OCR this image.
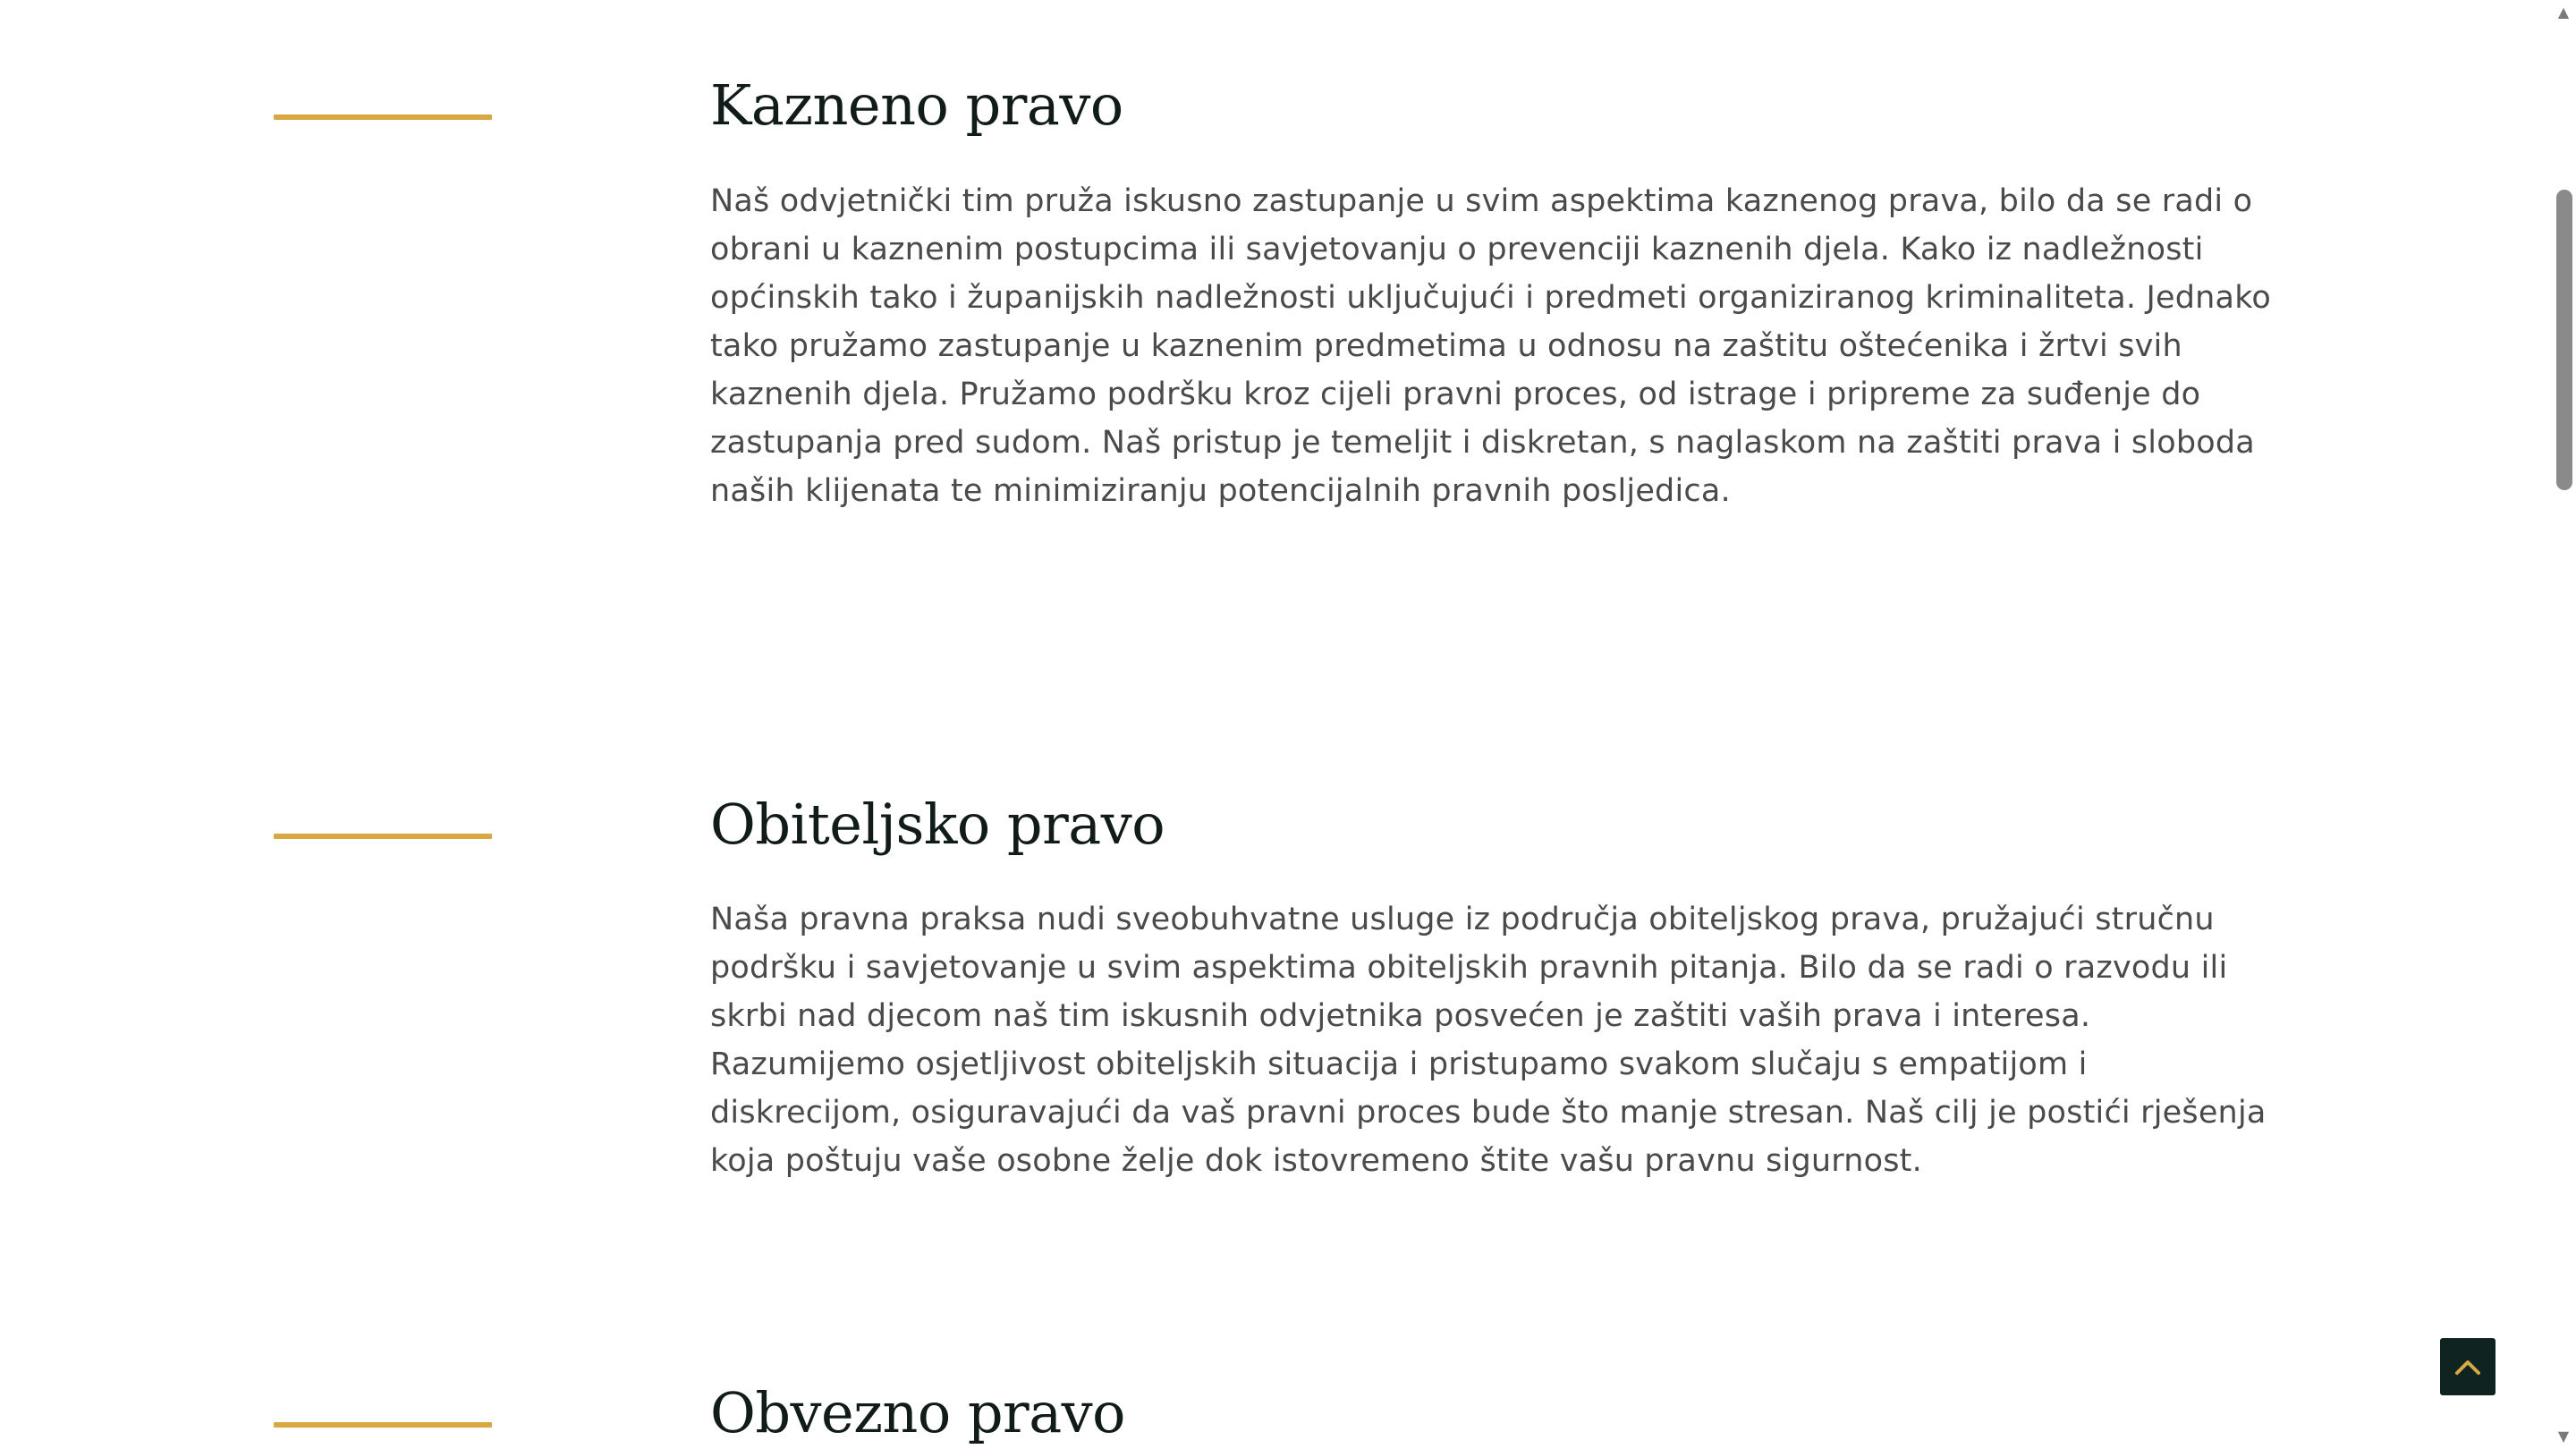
Kazneno pravo

Naš odvjetnički tim pruža iskusno zastupanje u svim aspektima kaznenog prava, bilo da se radi o obrani u kaznenim postupcima ili savjetovanju o prevenciji kaznenih djela. Kako iz nadležnosti općinskih tako i županijskih nadležnosti uključujući i predmeti organiziranog kriminaliteta. Jednako tako pružamo zastupanje u kaznenim predmetima u odnosu na zaštitu oštećenika i žrtvi svih kaznenih djela. Pružamo podršku kroz cijeli pravni proces, od istrage i pripreme za suđenje do zastupanja pred sudom. Naš pristup je temeljit i diskretan, s naglaskom na zaštiti prava i sloboda naših klijenata te minimiziranju potencijalnih pravnih posljedica.

Obiteljsko pravo

Naša pravna praksa nudi sveobuhvatne usluge iz područja obiteljskog prava, pružajući stručnu podršku i savjetovanje u svim aspektima obiteljskih pravnih pitanja. Bilo da se radi o razvodu ili skrbi nad djecom naš tim iskusnih odvjetnika posvećen je zaštiti vaših prava i interesa. Razumijemo osjetljivost obiteljskih situacija i pristupamo svakom slučaju s empatijom i diskrecijom, osiguravajući da vaš pravni proces bude što manje stresan. Naš cilj je postići rješenja koja poštuju vaše osobne želje dok istovremeno štite vašu pravnu sigurnost.

Obvezno pravo
▲
▼
